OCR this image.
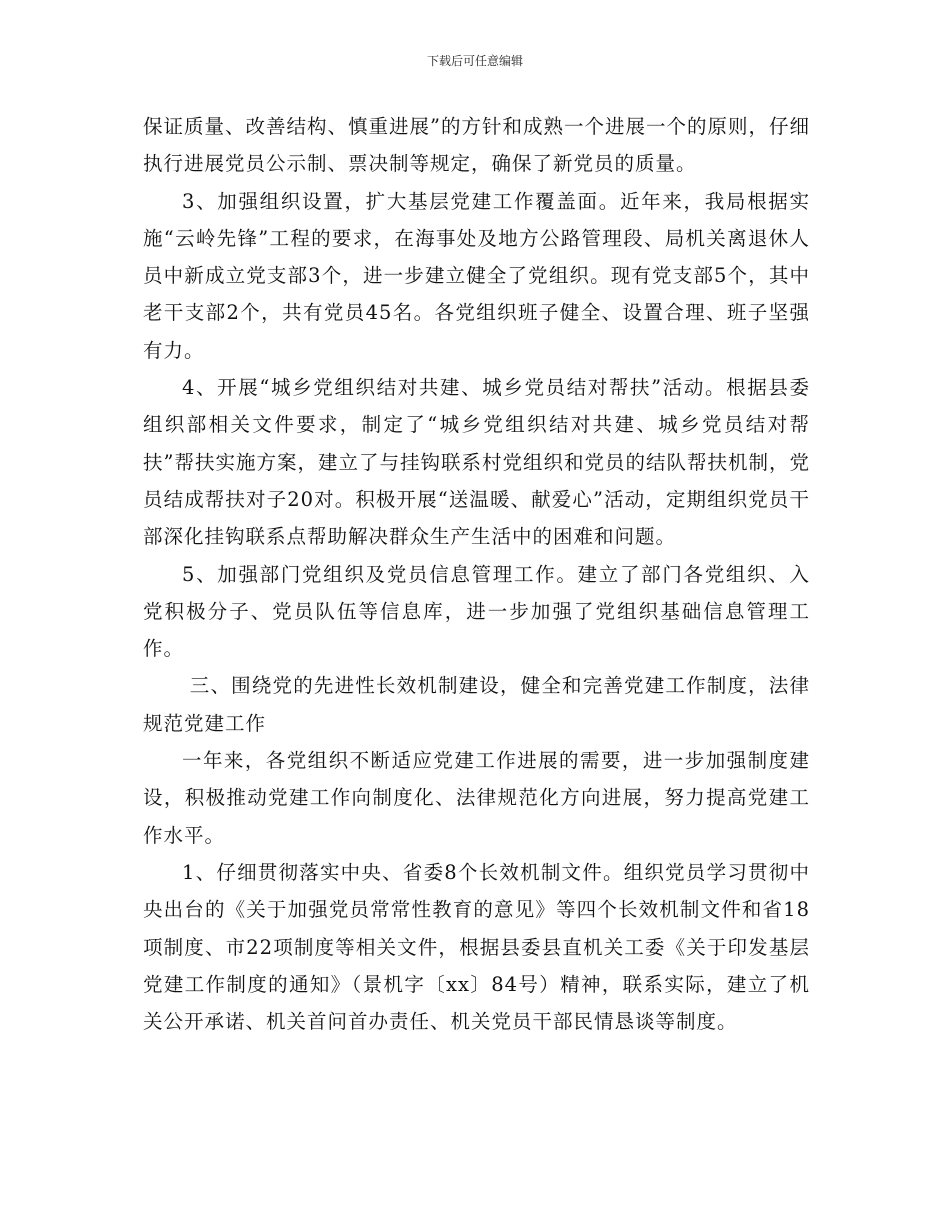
下载后可任意编辑

保证质量、改善结构、慎重进展”的方针和成熟一个进展一个的原则，仔细执行进展党员公示制、票决制等规定，确保了新党员的质量。

3、加强组织设置，扩大基层党建工作覆盖面。近年来，我局根据实施“云岭先锋”工程的要求，在海事处及地方公路管理段、局机关离退休人员中新成立党支部3个，进一步建立健全了党组织。现有党支部5个，其中老干支部2个，共有党员45名。各党组织班子健全、设置合理、班子坚强有力。

4、开展“城乡党组织结对共建、城乡党员结对帮扶”活动。根据县委组织部相关文件要求，制定了“城乡党组织结对共建、城乡党员结对帮扶”帮扶实施方案，建立了与挂钩联系村党组织和党员的结队帮扶机制，党员结成帮扶对子20对。积极开展“送温暖、献爱心”活动，定期组织党员干部深化挂钩联系点帮助解决群众生产生活中的困难和问题。

5、加强部门党组织及党员信息管理工作。建立了部门各党组织、入党积极分子、党员队伍等信息库，进一步加强了党组织基础信息管理工作。

三、围绕党的先进性长效机制建设，健全和完善党建工作制度，法律规范党建工作

一年来，各党组织不断适应党建工作进展的需要，进一步加强制度建设，积极推动党建工作向制度化、法律规范化方向进展，努力提高党建工作水平。

1、仔细贯彻落实中央、省委8个长效机制文件。组织党员学习贯彻中央出台的《关于加强党员常常性教育的意见》等四个长效机制文件和省18项制度、市22项制度等相关文件，根据县委县直机关工委《关于印发基层党建工作制度的通知》（景机字〔xx〕84号）精神，联系实际，建立了机关公开承诺、机关首问首办责任、机关党员干部民情恳谈等制度。
